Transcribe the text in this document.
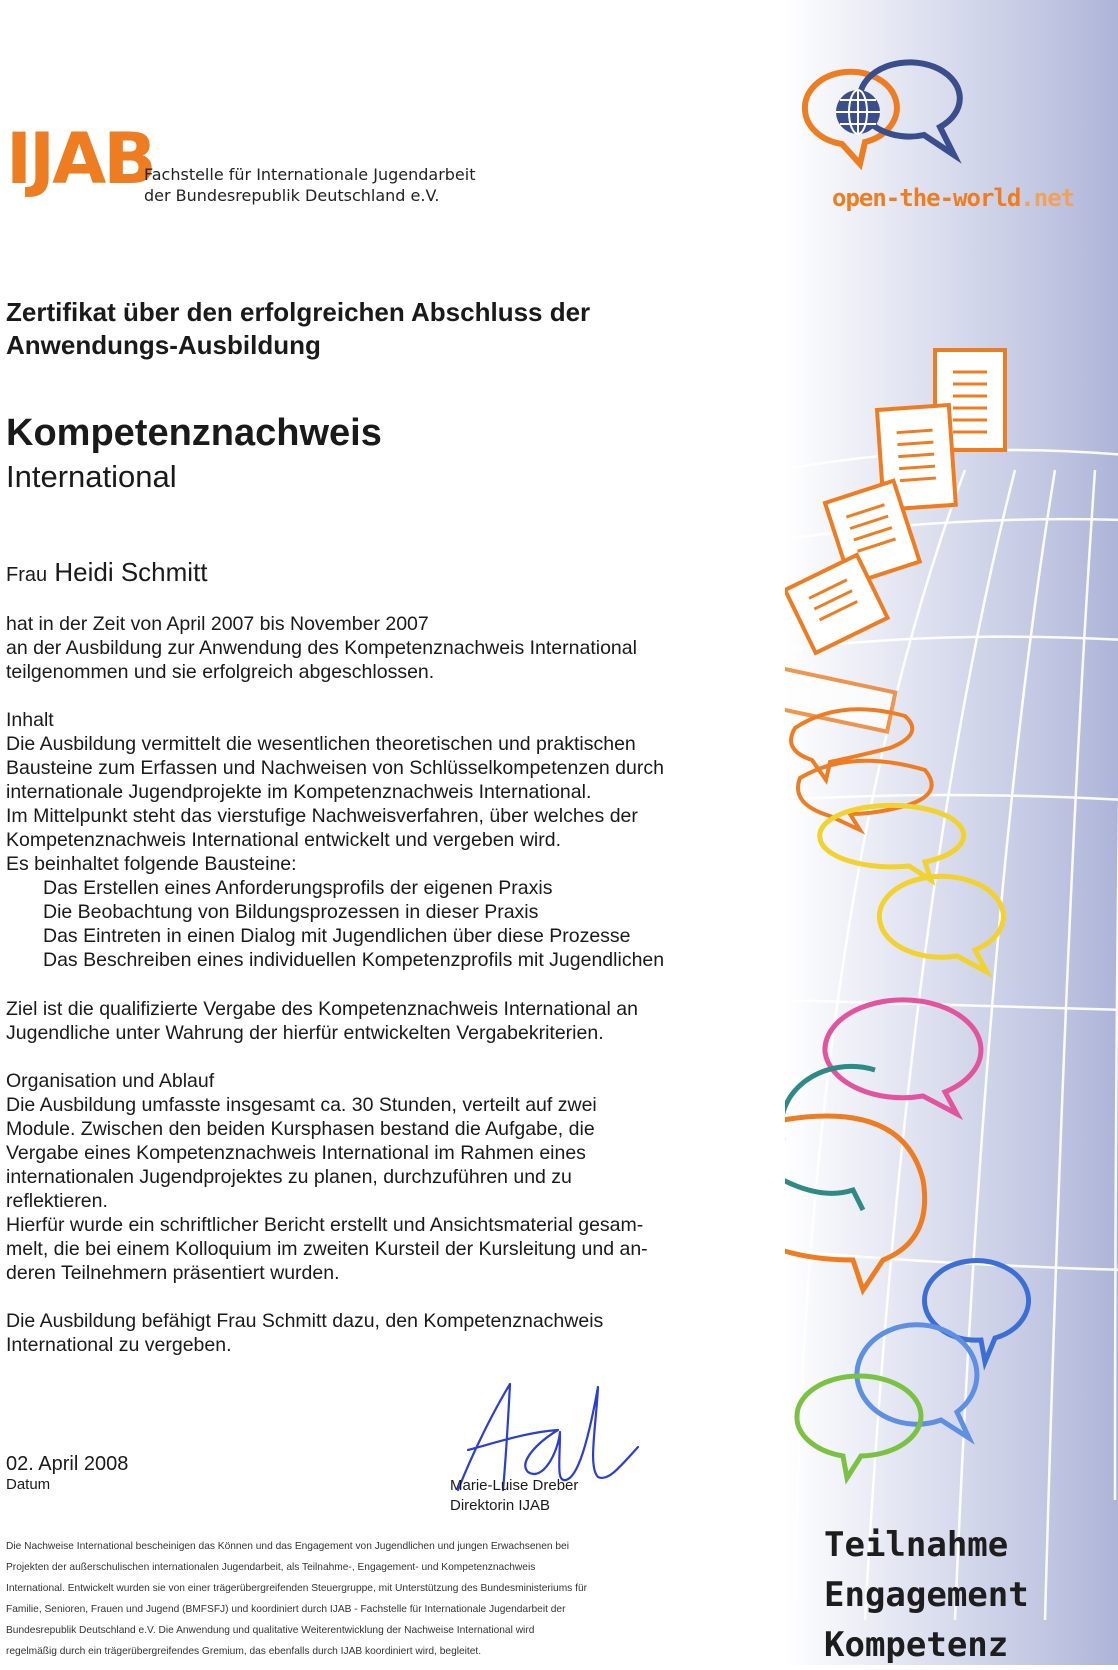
open-the-world.net
Teilnahme
Engagement
Kompetenz
IJAB
Fachstelle für Internationale Jugendarbeit
der Bundesrepublik Deutschland e.V.
Zertifikat über den erfolgreichen Abschluss der
Anwendungs-Ausbildung
Kompetenznachweis
International
Frau Heidi Schmitt
hat in der Zeit von April 2007 bis November 2007
an der Ausbildung zur Anwendung des Kompetenznachweis International
teilgenommen und sie erfolgreich abgeschlossen.
Inhalt
Die Ausbildung vermittelt die wesentlichen theoretischen und praktischen
Bausteine zum Erfassen und Nachweisen von Schlüsselkompetenzen durch
internationale Jugendprojekte im Kompetenznachweis International.
Im Mittelpunkt steht das vierstufige Nachweisverfahren, über welches der
Kompetenznachweis International entwickelt und vergeben wird.
Es beinhaltet folgende Bausteine:
Das Erstellen eines Anforderungsprofils der eigenen Praxis
Die Beobachtung von Bildungsprozessen in dieser Praxis
Das Eintreten in einen Dialog mit Jugendlichen über diese Prozesse
Das Beschreiben eines individuellen Kompetenzprofils mit Jugendlichen
Ziel ist die qualifizierte Vergabe des Kompetenznachweis International an
Jugendliche unter Wahrung der hierfür entwickelten Vergabekriterien.
Organisation und Ablauf
Die Ausbildung umfasste insgesamt ca. 30 Stunden, verteilt auf zwei
Module. Zwischen den beiden Kursphasen bestand die Aufgabe, die
Vergabe eines Kompetenznachweis International im Rahmen eines
internationalen Jugendprojektes zu planen, durchzuführen und zu
reflektieren.
Hierfür wurde ein schriftlicher Bericht erstellt und Ansichtsmaterial gesam-
melt, die bei einem Kolloquium im zweiten Kursteil der Kursleitung und an-
deren Teilnehmern präsentiert wurden.
Die Ausbildung befähigt Frau Schmitt dazu, den Kompetenznachweis
International zu vergeben.
02. April 2008
Datum	Marie-Luise Dreber
Direktorin IJAB
Die Nachweise International bescheinigen das Können und das Engagement von Jugendlichen und jungen Erwachsenen bei
Projekten der außerschulischen internationalen Jugendarbeit, als Teilnahme-, Engagement- und Kompetenznachweis
International. Entwickelt wurden sie von einer trägerübergreifenden Steuergruppe, mit Unterstützung des Bundesministeriums für
Familie, Senioren, Frauen und Jugend (BMFSFJ) und koordiniert durch IJAB - Fachstelle für Internationale Jugendarbeit der
Bundesrepublik Deutschland e.V. Die Anwendung und qualitative Weiterentwicklung der Nachweise International wird
regelmäßig durch ein trägerübergreifendes Gremium, das ebenfalls durch IJAB koordiniert wird, begleitet.
